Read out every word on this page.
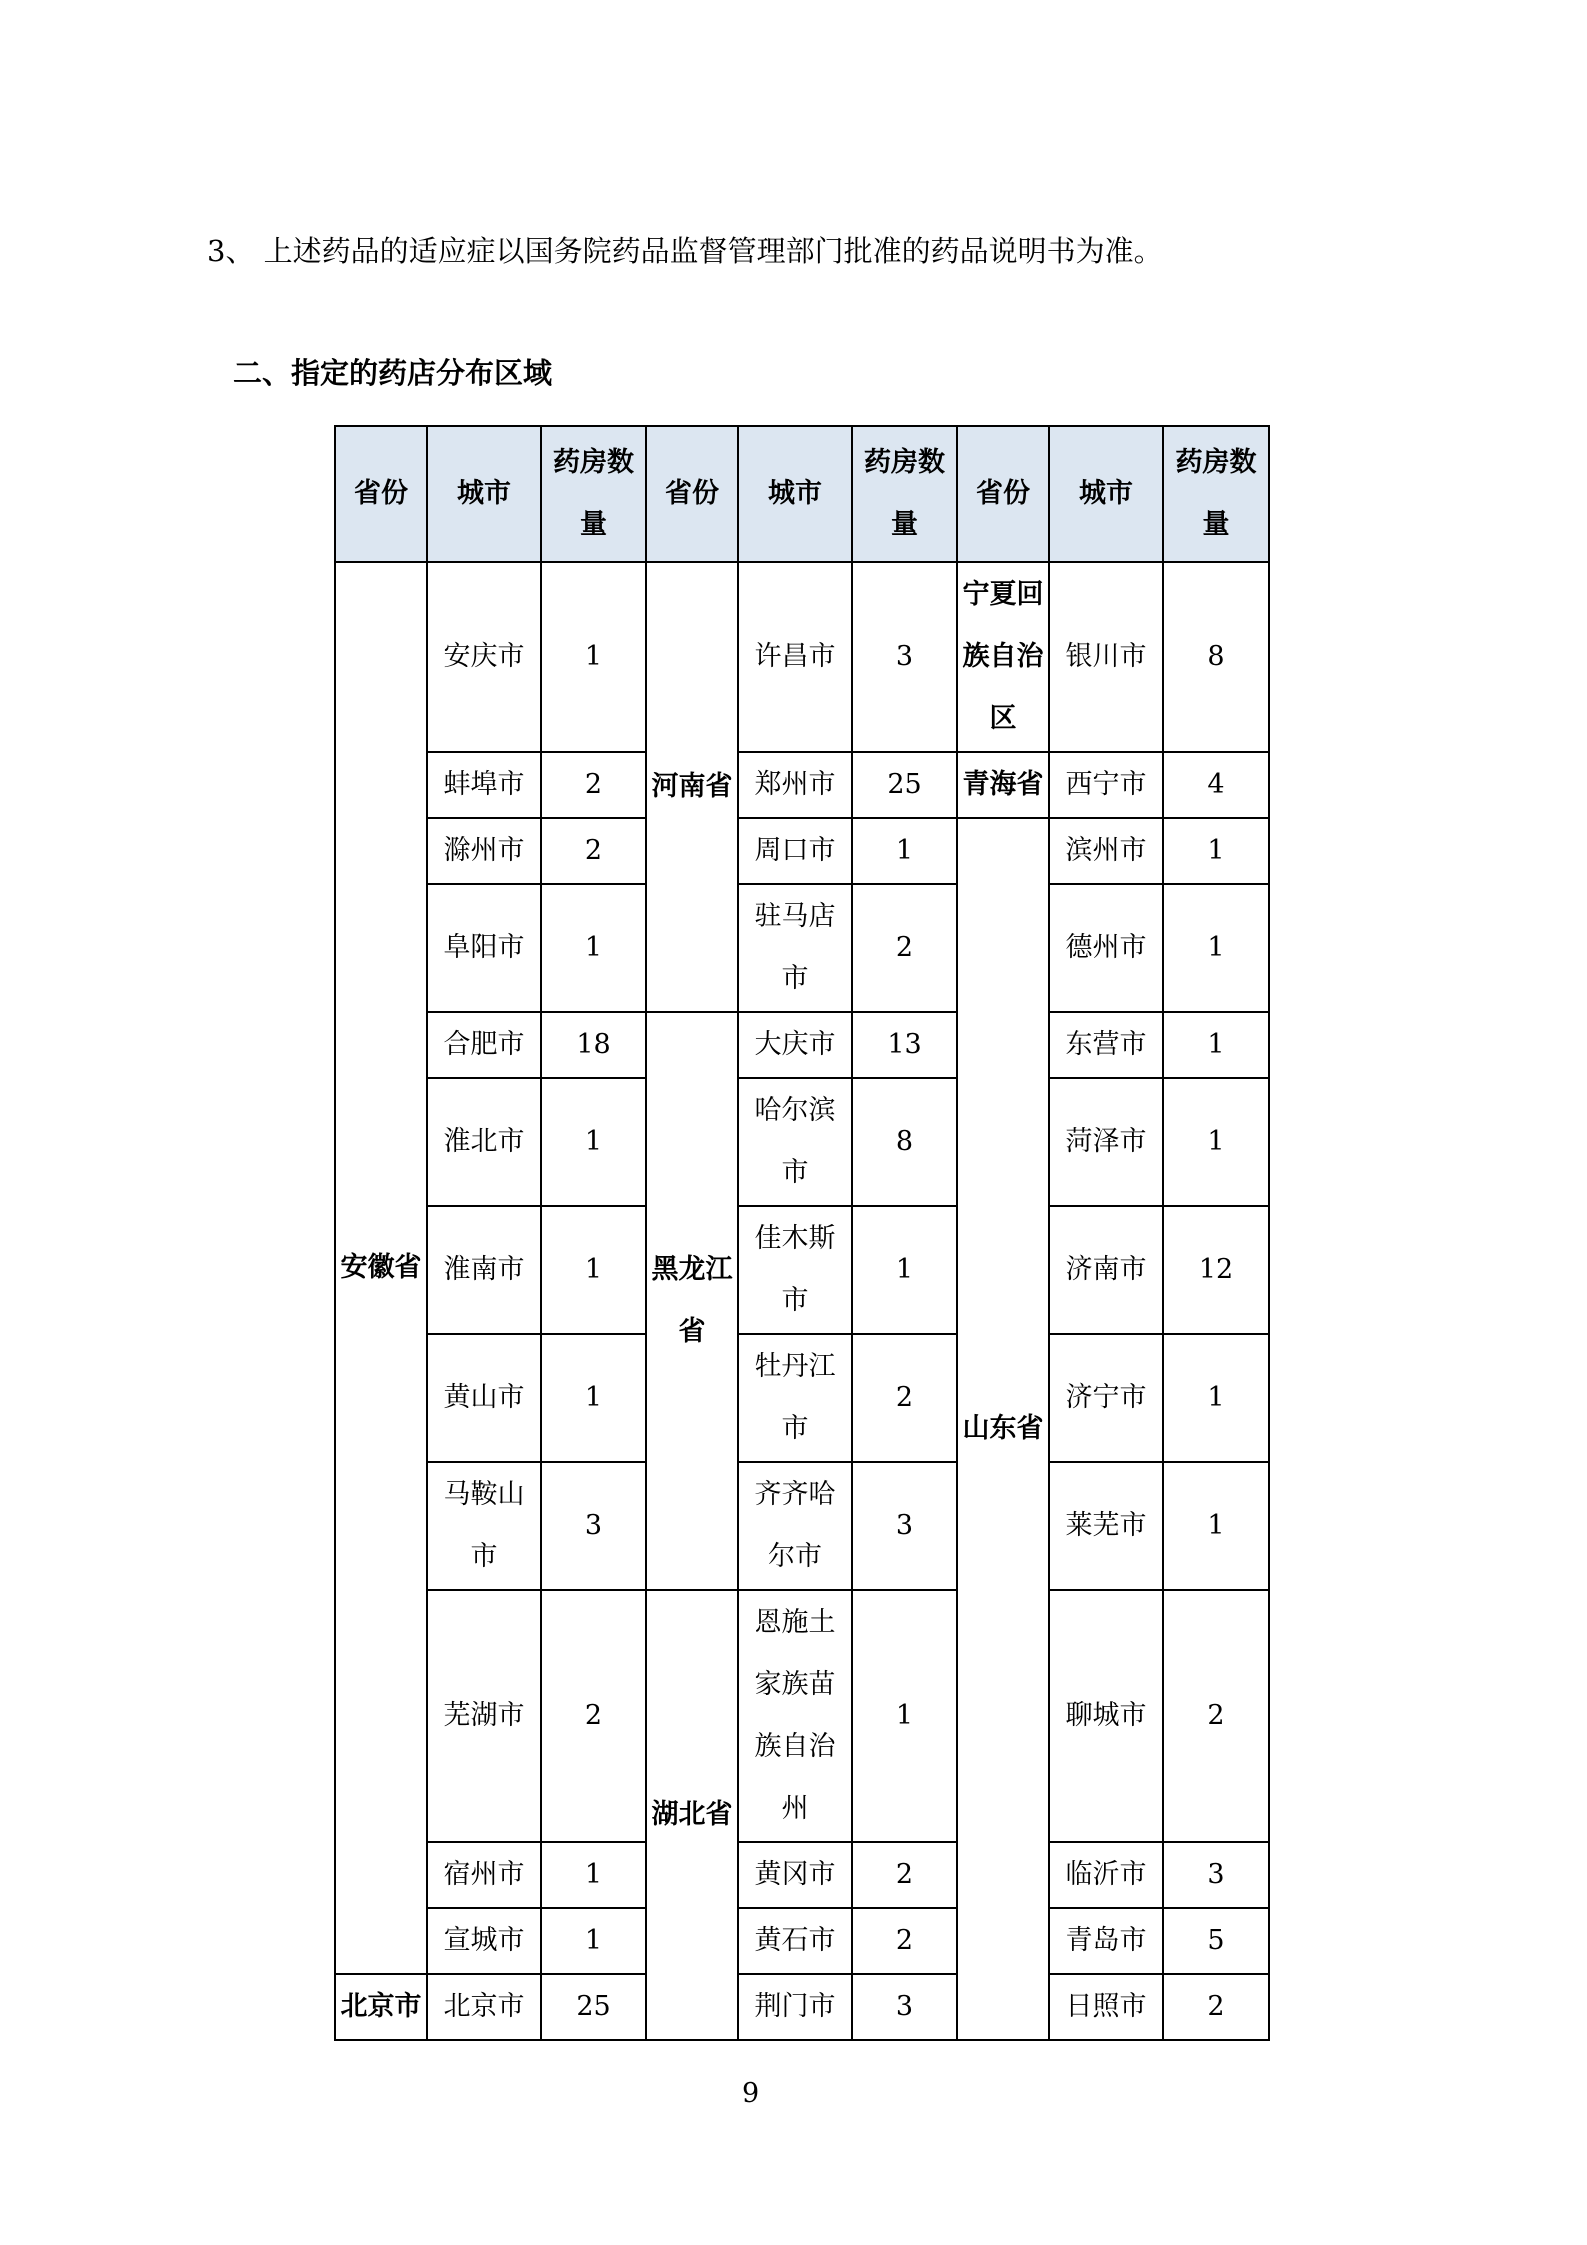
3、 上述药品的适应症以国务院药品监督管理部门批准的药品说明书为准。

二、指定的药店分布区域
省份	城市	药房数量	省份	城市	药房数量	省份	城市	药房数量
安徽省	安庆市	1	河南省	许昌市	3	宁夏回族自治区	银川市	8
	蚌埠市	2		郑州市	25	青海省	西宁市	4
	滁州市	2		周口市	1	山东省	滨州市	1
	阜阳市	1		驻马店市	2		德州市	1
	合肥市	18	黑龙江省	大庆市	13		东营市	1
	淮北市	1		哈尔滨市	8		菏泽市	1
	淮南市	1		佳木斯市	1		济南市	12
	黄山市	1		牡丹江市	2		济宁市	1
	马鞍山市	3		齐齐哈尔市	3		莱芜市	1
	芜湖市	2	湖北省	恩施土家族苗族自治州	1		聊城市	2
	宿州市	1		黄冈市	2		临沂市	3
	宣城市	1		黄石市	2		青岛市	5
北京市	北京市	25		荆门市	3		日照市	2
9
